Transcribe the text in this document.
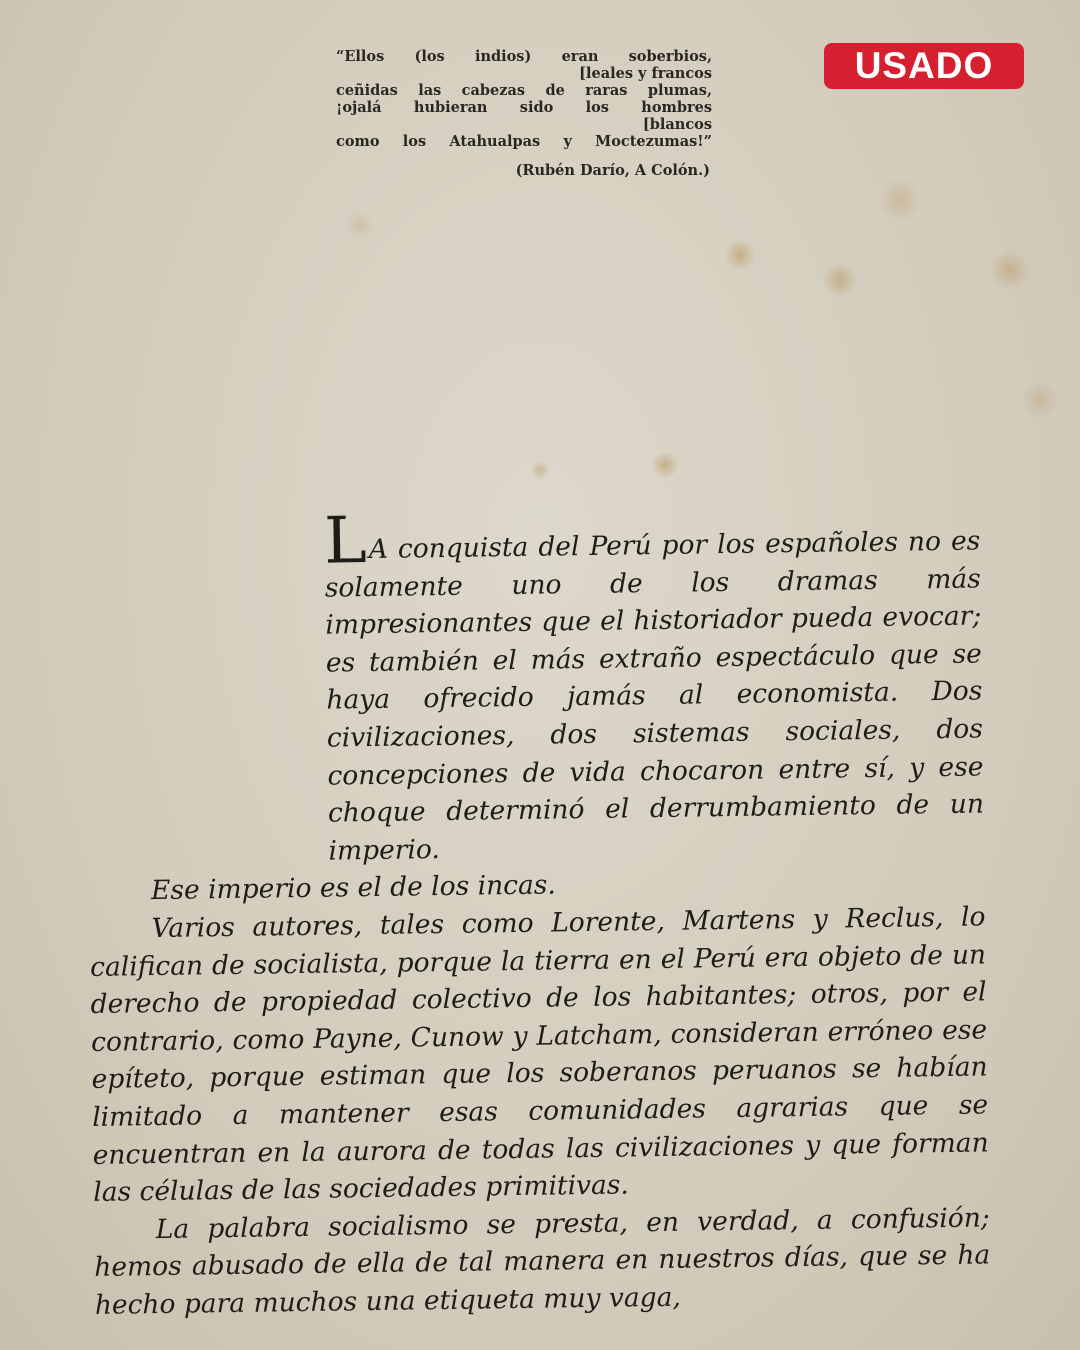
USADO
“Ellos (los indios) eran soberbios,
[leales y francos
ceñidas las cabezas de raras plumas,
¡ojalá hubieran sido los hombres
[blancos
como los Atahualpas y Moctezumas!”
(Rubén Darío, A Colón.)

LA conquista del Perú por los españoles no es solamente uno de los dramas más impresionantes que el historiador pueda evocar; es también el más extraño espectáculo que se haya ofrecido jamás al economista. Dos civilizaciones, dos sistemas sociales, dos concepciones de vida chocaron entre sí, y ese choque determinó el derrumbamiento de un imperio.

Ese imperio es el de los incas.

Varios autores, tales como Lorente, Martens y Reclus, lo califican de socialista, porque la tierra en el Perú era objeto de un derecho de propiedad colectivo de los habitantes; otros, por el contrario, como Payne, Cunow y Latcham, consideran erróneo ese epíteto, porque estiman que los soberanos peruanos se habían limitado a mantener esas comunidades agrarias que se encuentran en la aurora de todas las civilizaciones y que forman las células de las sociedades primitivas.

La palabra socialismo se presta, en verdad, a confusión; hemos abusado de ella de tal manera en nuestros días, que se ha hecho para muchos una etiqueta muy vaga,
